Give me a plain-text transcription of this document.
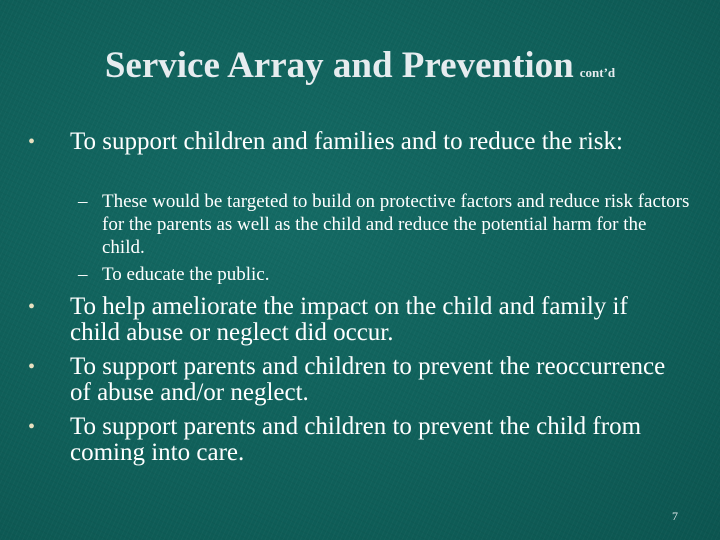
Service Array and Prevention cont’d
• To support children and families and to reduce the risk:
– These would be targeted to build on protective factors and reduce risk factors for the parents as well as the child and reduce the potential harm for the child.
– To educate the public.
• To help ameliorate the impact on the child and family if child abuse or neglect did occur.
• To support parents and children to prevent the reoccurrence of abuse and/or neglect.
• To support parents and children to prevent the child from coming into care.
7
